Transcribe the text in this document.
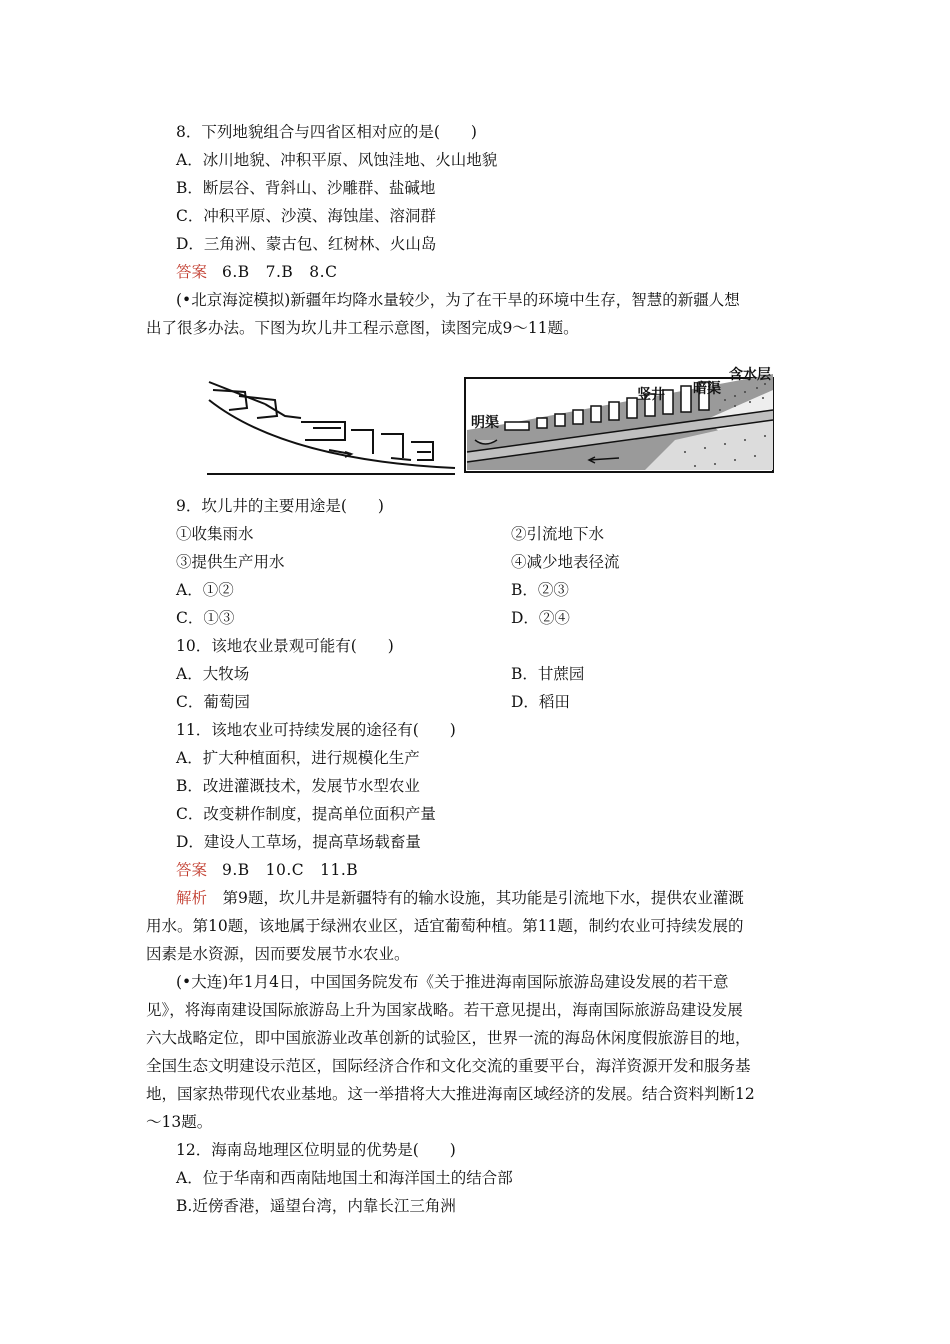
8．下列地貌组合与四省区相对应的是(　　)
A．冰川地貌、冲积平原、风蚀洼地、火山地貌
B．断层谷、背斜山、沙雕群、盐碱地
C．冲积平原、沙漠、海蚀崖、溶洞群
D．三角洲、蒙古包、红树林、火山岛
答案 6.B　7.B　8.C
(•北京海淀模拟)新疆年均降水量较少，为了在干旱的环境中生存，智慧的新疆人想
出了很多办法。下图为坎儿井工程示意图，读图完成9～11题。
明渠
竖井 暗渠
含水层
9．坎儿井的主要用途是(　　)
①收集雨水	②引流地下水
③提供生产用水	④减少地表径流
A．①②	B．②③
C．①③	D．②④
10．该地农业景观可能有(　　)
A．大牧场	B．甘蔗园
C．葡萄园	D．稻田
11．该地农业可持续发展的途径有(　　)
A．扩大种植面积，进行规模化生产
B．改进灌溉技术，发展节水型农业
C．改变耕作制度，提高单位面积产量
D．建设人工草场，提高草场载畜量
答案 9.B　10.C　11.B
解析　第9题，坎儿井是新疆特有的输水设施，其功能是引流地下水，提供农业灌溉
用水。第10题，该地属于绿洲农业区，适宜葡萄种植。第11题，制约农业可持续发展的
因素是水资源，因而要发展节水农业。
(•大连)年1月4日，中国国务院发布《关于推进海南国际旅游岛建设发展的若干意
见》，将海南建设国际旅游岛上升为国家战略。若干意见提出，海南国际旅游岛建设发展
六大战略定位，即中国旅游业改革创新的试验区，世界一流的海岛休闲度假旅游目的地，
全国生态文明建设示范区，国际经济合作和文化交流的重要平台，海洋资源开发和服务基
地，国家热带现代农业基地。这一举措将大大推进海南区域经济的发展。结合资料判断12
～13题。
12．海南岛地理区位明显的优势是(　　)
A．位于华南和西南陆地国土和海洋国土的结合部
B.近傍香港，遥望台湾，内靠长江三角洲
